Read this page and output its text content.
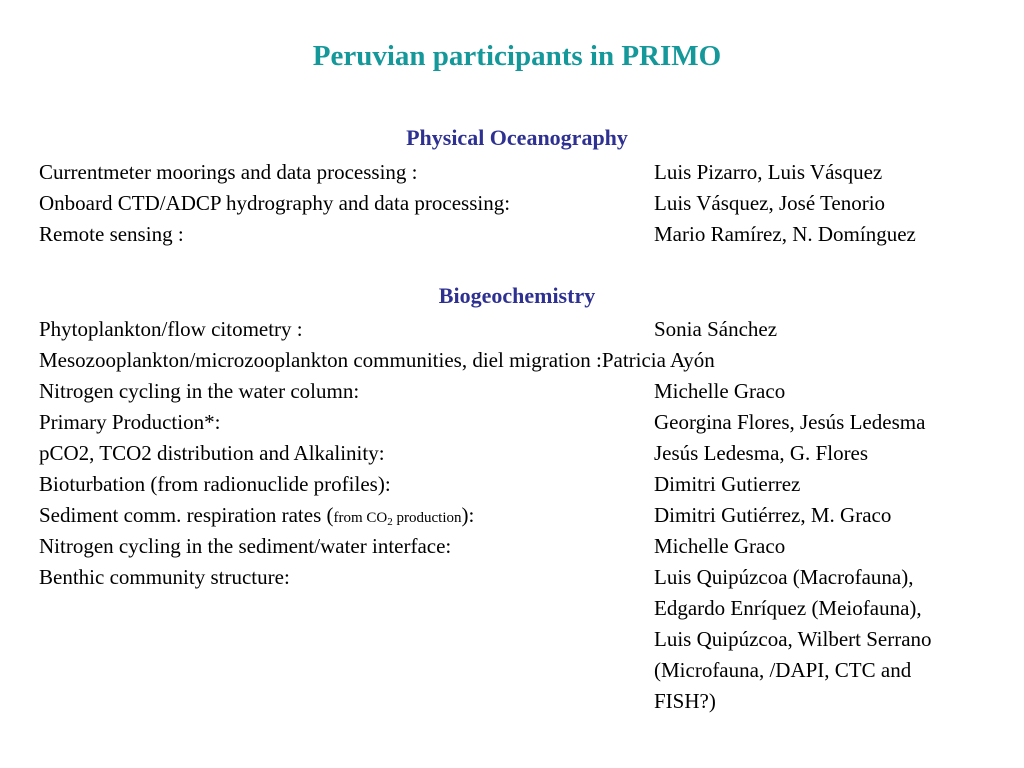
Peruvian participants in PRIMO
Physical Oceanography
Currentmeter moorings and data processing :	Luis Pizarro, Luis Vásquez
Onboard CTD/ADCP hydrography and data processing:	Luis Vásquez, José Tenorio
Remote sensing :	Mario Ramírez, N. Domínguez
Biogeochemistry
Phytoplankton/flow citometry :	Sonia Sánchez
Mesozooplankton/microzooplankton communities, diel migration :Patricia Ayón
Nitrogen cycling in the water column:	Michelle Graco
Primary Production*:	Georgina Flores, Jesús Ledesma
pCO2, TCO2 distribution and Alkalinity:	Jesús Ledesma, G. Flores
Bioturbation (from radionuclide profiles):	Dimitri Gutierrez
Sediment comm. respiration rates (from $CO_2$ production):	Dimitri Gutiérrez, M. Graco
Nitrogen cycling in the sediment/water interface:	Michelle Graco
Benthic community structure:	Luis Quipúzcoa (Macrofauna),
Edgardo Enríquez (Meiofauna),
Luis Quipúzcoa, Wilbert Serrano
(Microfauna, /DAPI, CTC and
FISH?)
